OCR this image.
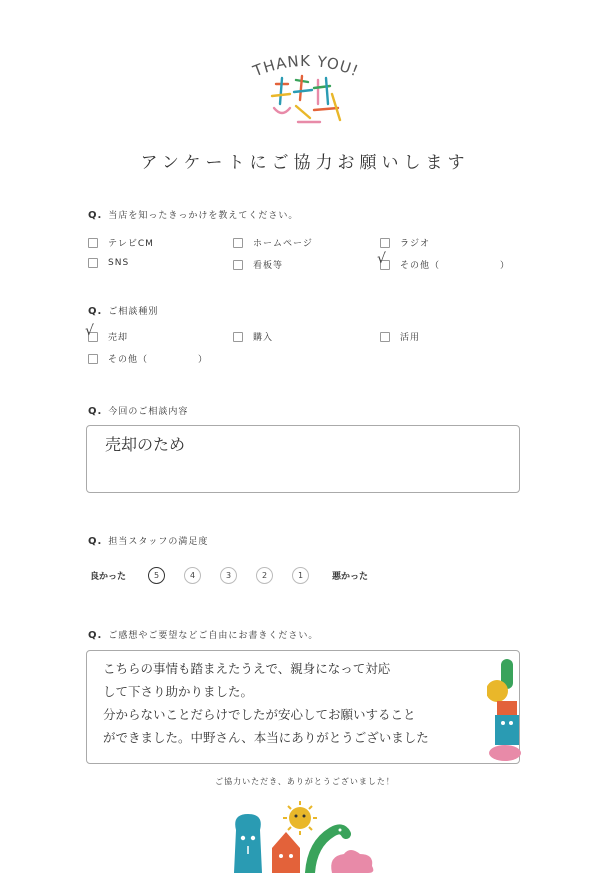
THANK YOU!
アンケートにご協力お願いします
Q. 当店を知ったきっかけを教えてください。
テレビCM	ホームページ	ラジオ
SNS	看板等	√ その他（　　　　　　）
Q. ご相談種別
√ 売却	購入	活用
その他（　　　　　）
Q. 今回のご相談内容
売却のため
Q. 担当スタッフの満足度
良かった	5	4	3	2	1	悪かった
Q. ご感想やご要望などご自由にお書きください。
こちらの事情も踏まえたうえで、親身になって対応
して下さり助かりました。
分からないことだらけでしたが安心してお願いすること
ができました。中野さん、本当にありがとうございました
ご協力いただき、ありがとうございました！
